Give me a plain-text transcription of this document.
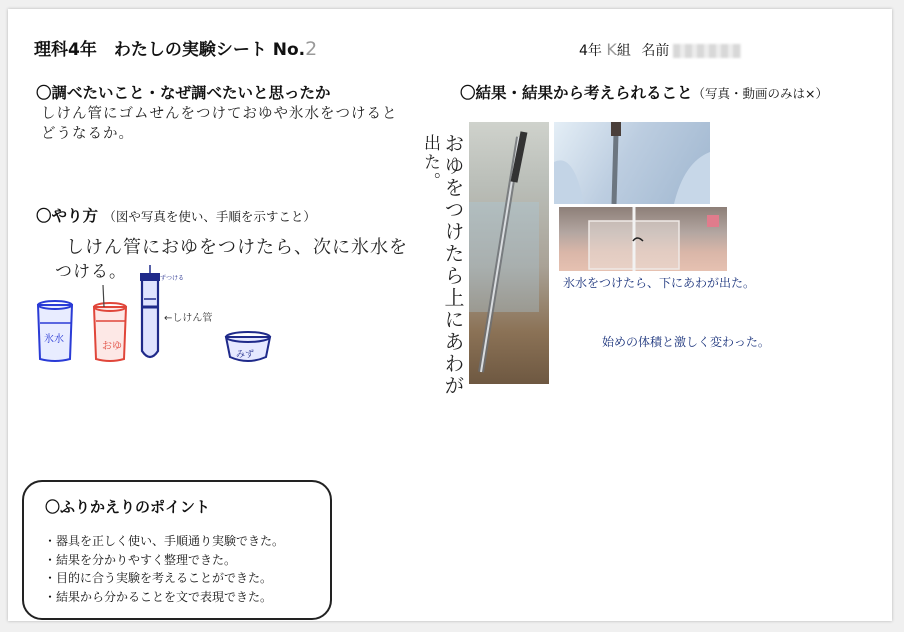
理科4年　わたしの実験シート No.2	4年 K組 名前
〇調べたいこと・なぜ調べたいと思ったか
しけん管にゴムせんをつけておゆや氷水をつけると
どうなるか。
〇やり方 （図や写真を使い、手順を示すこと）
しけん管におゆをつけたら、次に氷水を
つける。
氷水
おゆ
みずつける
←しけん管
みず
〇結果・結果から考えられること（写真・動画のみは×）
出た。 おゆをつけたら上にあわが	氷水をつけたら、下にあわが出た。
始めの体積と激しく変わった。
〇ふりかえりのポイント
・器具を正しく使い、手順通り実験できた。
・結果を分かりやすく整理できた。
・目的に合う実験を考えることができた。
・結果から分かることを文で表現できた。
